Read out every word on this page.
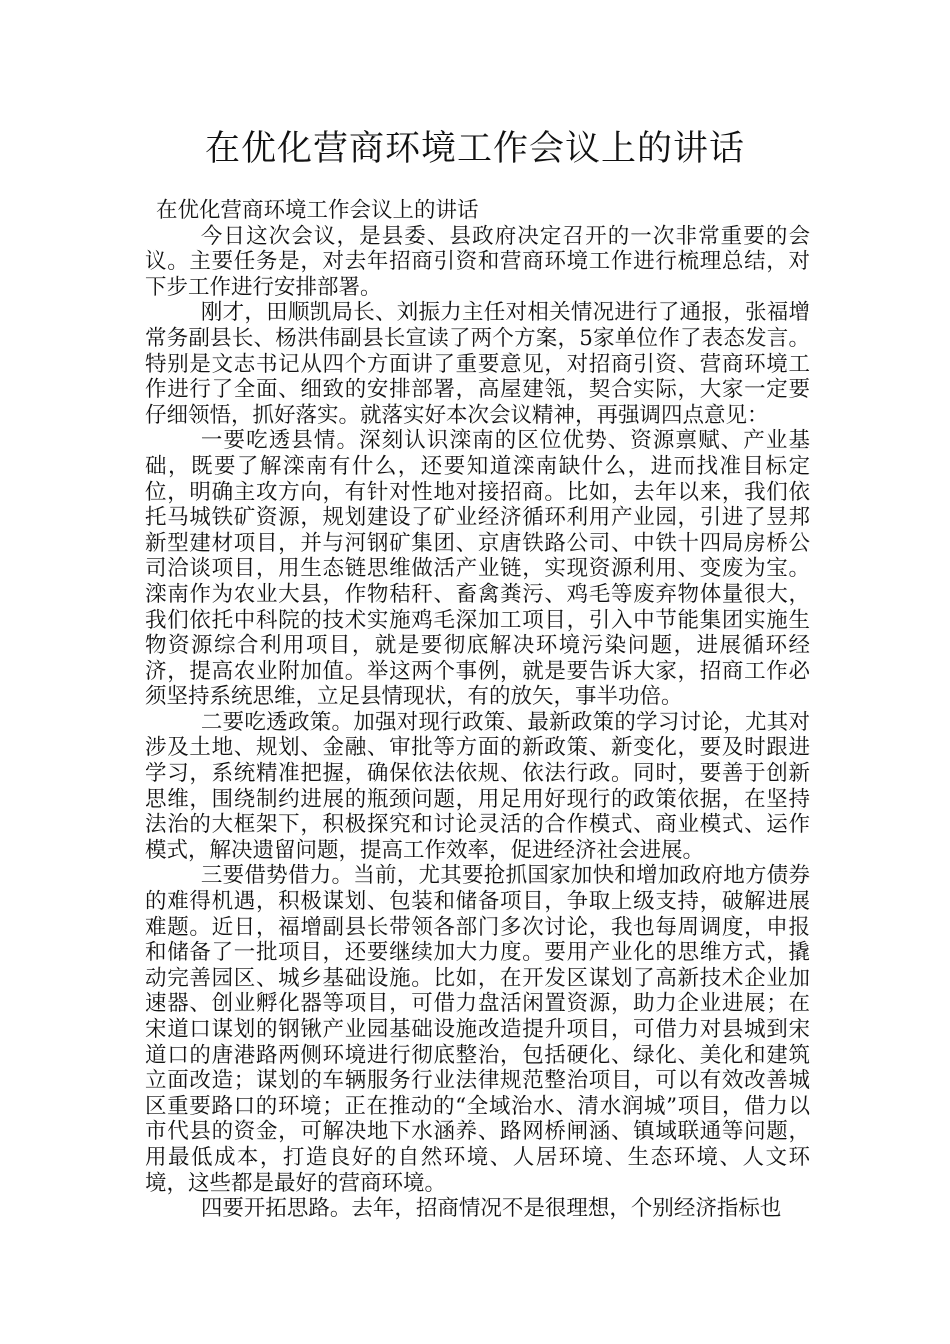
在优化营商环境工作会议上的讲话

在优化营商环境工作会议上的讲话

今日这次会议，是县委、县政府决定召开的一次非常重要的会议。主要任务是，对去年招商引资和营商环境工作进行梳理总结，对下步工作进行安排部署。

刚才，田顺凯局长、刘振力主任对相关情况进行了通报，张福增常务副县长、杨洪伟副县长宣读了两个方案，5家单位作了表态发言。特别是文志书记从四个方面讲了重要意见，对招商引资、营商环境工作进行了全面、细致的安排部署，高屋建瓴，契合实际，大家一定要仔细领悟，抓好落实。就落实好本次会议精神，再强调四点意见：

一要吃透县情。深刻认识滦南的区位优势、资源禀赋、产业基础，既要了解滦南有什么，还要知道滦南缺什么，进而找准目标定位，明确主攻方向，有针对性地对接招商。比如，去年以来，我们依托马城铁矿资源，规划建设了矿业经济循环利用产业园，引进了昱邦新型建材项目，并与河钢矿集团、京唐铁路公司、中铁十四局房桥公司洽谈项目，用生态链思维做活产业链，实现资源利用、变废为宝。滦南作为农业大县，作物秸秆、畜禽粪污、鸡毛等废弃物体量很大，我们依托中科院的技术实施鸡毛深加工项目，引入中节能集团实施生物资源综合利用项目，就是要彻底解决环境污染问题，进展循环经济，提高农业附加值。举这两个事例，就是要告诉大家，招商工作必须坚持系统思维，立足县情现状，有的放矢，事半功倍。

二要吃透政策。加强对现行政策、最新政策的学习讨论，尤其对涉及土地、规划、金融、审批等方面的新政策、新变化，要及时跟进学习，系统精准把握，确保依法依规、依法行政。同时，要善于创新思维，围绕制约进展的瓶颈问题，用足用好现行的政策依据，在坚持法治的大框架下，积极探究和讨论灵活的合作模式、商业模式、运作模式，解决遗留问题，提高工作效率，促进经济社会进展。

三要借势借力。当前，尤其要抢抓国家加快和增加政府地方债券的难得机遇，积极谋划、包装和储备项目，争取上级支持，破解进展难题。近日，福增副县长带领各部门多次讨论，我也每周调度，申报和储备了一批项目，还要继续加大力度。要用产业化的思维方式，撬动完善园区、城乡基础设施。比如，在开发区谋划了高新技术企业加速器、创业孵化器等项目，可借力盘活闲置资源，助力企业进展；在宋道口谋划的钢锹产业园基础设施改造提升项目，可借力对县城到宋道口的唐港路两侧环境进行彻底整治，包括硬化、绿化、美化和建筑立面改造；谋划的车辆服务行业法律规范整治项目，可以有效改善城区重要路口的环境；正在推动的“全域治水、清水润城”项目，借力以市代县的资金，可解决地下水涵养、路网桥闸涵、镇域联通等问题，用最低成本，打造良好的自然环境、人居环境、生态环境、人文环境，这些都是最好的营商环境。

四要开拓思路。去年，招商情况不是很理想，个别经济指标也
